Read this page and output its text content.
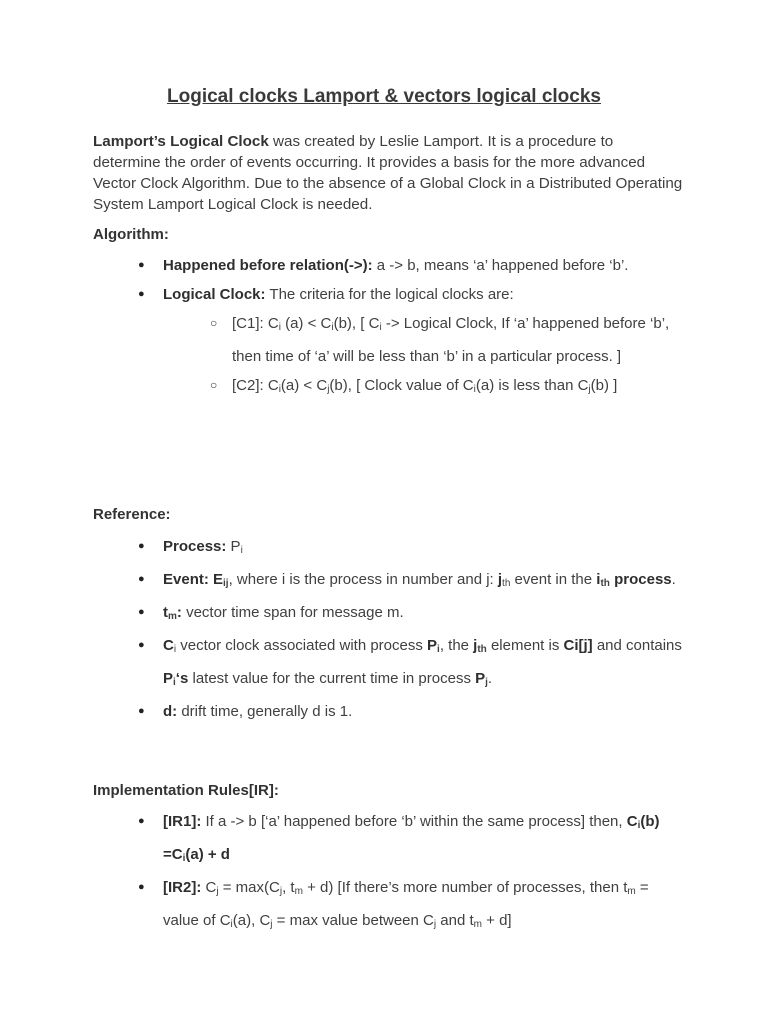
Logical clocks Lamport & vectors logical clocks

Lamport’s Logical Clock was created by Leslie Lamport. It is a procedure to determine the order of events occurring. It provides a basis for the more advanced Vector Clock Algorithm. Due to the absence of a Global Clock in a Distributed Operating System Lamport Logical Clock is needed.

Algorithm:

● Happened before relation(->): a -> b, means ‘a’ happened before ‘b’.
● Logical Clock: The criteria for the logical clocks are:
○ [C1]: $C_i$ $(a) < C_i(b)$, [ $C_i$ -> Logical Clock, If ‘a’ happened before ‘b’, then time of ‘a’ will be less than ‘b’ in a particular process. ]
○ [C2]: $C_i(a) < C_j(b)$, [ Clock value of $C_i(a)$ is less than $C_j(b)$ ]

Reference:

● Process: $P_i$
● Event: $E_{ij}$, where i is the process in number and j: $j_{th}$ event in the $i_{th}$ process.
● $t_m$: vector time span for message m.
● $C_i$ vector clock associated with process $P_i$, the $j_{th}$ element is Ci[j] and contains $P_i‘s$ latest value for the current time in process $P_j$.
● d: drift time, generally d is 1.

Implementation Rules[IR]:

● [IR1]: If a -> b [‘a’ happened before ‘b’ within the same process] then, $C_i(b) =C_i(a) + d$
● [IR2]: $C_j = \max(C_j$, $t_m + d$) [If there’s more number of processes, then $t_m$ = value of $C_i(a)$, $C_j = \max$ value between $C_j$ and $t_m + d$]
